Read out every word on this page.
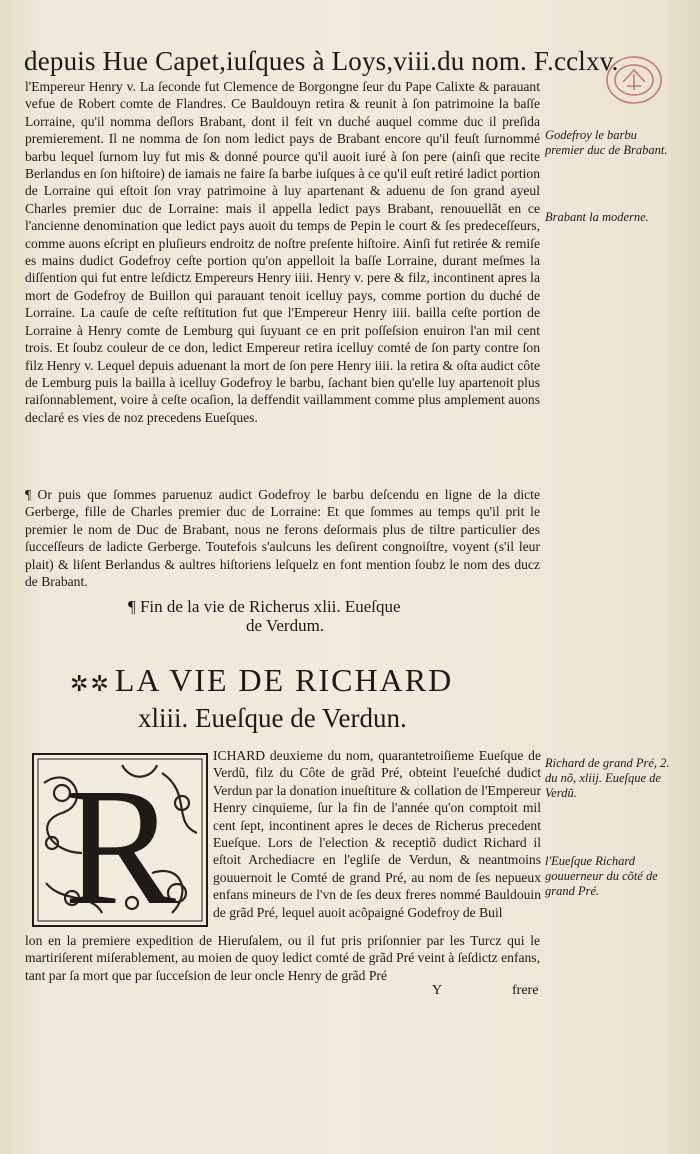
depuis Hue Capet,iuſques à Loys,viii.du nom. F.cclxv.
l'Empereur Henry v. La ſeconde fut Clemence de Borgongne ſeur du Pape Calixte & parauant vefue de Robert comte de Flandres. Ce Bauldouyn retira & reunit à ſon patrimoine la baſſe Lorraine, qu'il nomma deſlors Brabant, dont il feit vn duché auquel comme duc il preſida premierement. Il ne nomma de ſon nom ledict pays de Brabant encore qu'il feuſt ſurnommé barbu lequel ſurnom luy fut mis & donné pource qu'il auoit iuré à ſon pere (ainſi que recite Berlandus en ſon hiſtoire) de iamais ne faire ſa barbe iuſques à ce qu'il euſt retiré ladict portion de Lorraine qui eſtoit ſon vray patrimoine à luy apartenant & aduenu de ſon grand ayeul Charles premier duc de Lorraine: mais il appella ledict pays Brabant, renouuellãt en ce l'ancienne denomination que ledict pays auoit du temps de Pepin le court & ſes predeceſſeurs, comme auons eſcript en pluſieurs endroitz de noſtre preſente hiſtoire. Ainſi fut retirée & remiſe es mains dudict Godefroy ceſte portion qu'on appelloit la baſſe Lorraine, durant meſmes la diſſention qui fut entre leſdictz Empereurs Henry iiii. Henry v. pere & filz, incontinent apres la mort de Godefroy de Buillon qui parauant tenoit icelluy pays, comme portion du duché de Lorraine. La cauſe de ceſte reſtitution fut que l'Empereur Henry iiii. bailla ceſte portion de Lorraine à Henry comte de Lemburg qui ſuyuant ce en prit poſſeſsion enuiron l'an mil cent trois. Et ſoubz couleur de ce don, ledict Empereur retira icelluy comté de ſon party contre ſon filz Henry v. Lequel depuis aduenant la mort de ſon pere Henry iiii. la retira & oſta audict côte de Lemburg puis la bailla à icelluy Godefroy le barbu, ſachant bien qu'elle luy apartenoit plus raiſonnablement, voire à ceſte ocaſion, la deffendit vaillamment comme plus amplement auons declaré es vies de noz precedens Eueſques.
¶ Or puis que ſommes paruenuz audict Godefroy le barbu deſcendu en ligne de la dicte Gerberge, fille de Charles premier duc de Lorraine: Et que ſommes au temps qu'il prit le premier le nom de Duc de Brabant, nous ne ferons deſormais plus de tiltre particulier des ſucceſſeurs de ladicte Gerberge. Toutefois s'aulcuns les deſirent congnoiſtre, voyent (s'il leur plait) & liſent Berlandus & aultres hiſtoriens leſquelz en font mention ſoubz le nom des ducz de Brabant.
¶ Fin de la vie de Richerus xlii. Eueſque
de Verdum.
✲✲ LA VIE DE RICHARD
xliii. Eueſque de Verdun.
R	ICHARD deuxieme du nom, quarantetroiſieme Eueſque de Verdũ, filz du Côte de grãd Pré, obteint l'eueſché dudict Verdun par la donation inueſtiture & collation de l'Empereur Henry cinquieme, ſur la fin de l'année qu'on comptoit mil cent ſept, incontinent apres le deces de Richerus precedent Eueſque. Lors de l'election & receptiõ dudict Richard il eſtoit Archediacre en l'egliſe de Verdun, & neantmoins gouuernoit le Comté de grand Pré, au nom de ſes nepueux enfans mineurs de l'vn de ſes deux freres nommé Bauldouin de grãd Pré, lequel auoit acõpaigné Godefroy de Buil
lon en la premiere expedition de Hieruſalem, ou il fut pris priſonnier par les Turcz qui le martiriſerent miſerablement, au moien de quoy ledict comté de grãd Pré veint à ſeſdictz enfans, tant par ſa mort que par ſucceſsion de leur oncle Henry de grãd Pré
Y	frere
Godefroy le barbu premier duc de Brabant.
Brabant la moderne.
Richard de grand Pré, 2. du nõ, xliij. Eueſque de Verdũ.
l'Eueſque Richard gouuerneur du cõté de grand Pré.
